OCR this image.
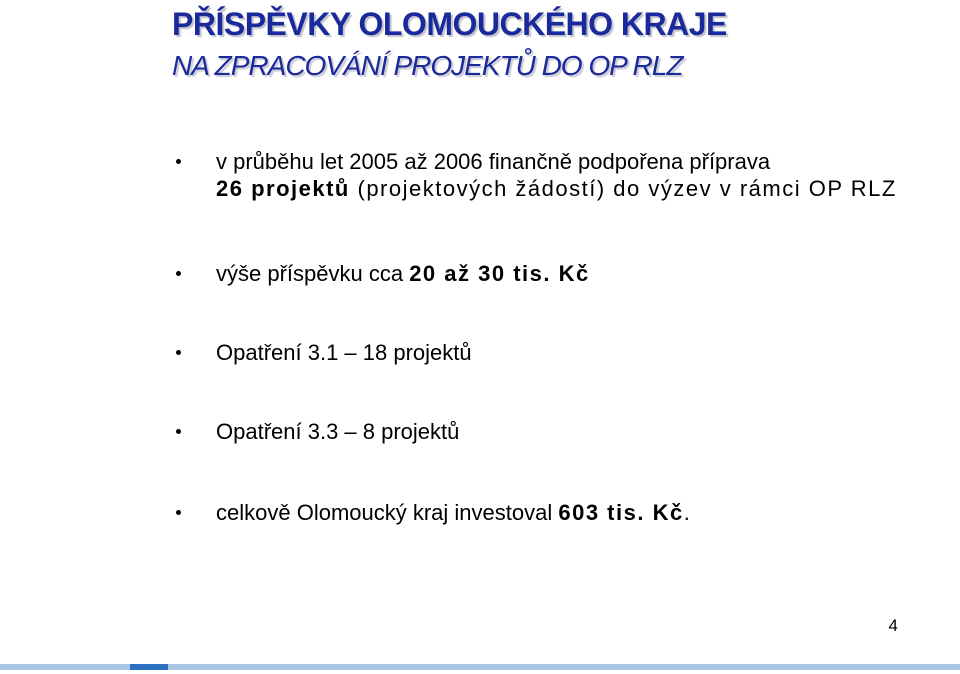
PŘÍSPĚVKY OLOMOUCKÉHO KRAJE
NA ZPRACOVÁNÍ PROJEKTŮ DO OP RLZ
v průběhu let 2005 až 2006 finančně podpořena příprava
26 projektů (projektových žádostí) do výzev v rámci OP RLZ
výše příspěvku cca 20 až 30 tis. Kč
Opatření 3.1 – 18 projektů
Opatření 3.3 – 8 projektů
celkově Olomoucký kraj investoval 603 tis. Kč.
4
